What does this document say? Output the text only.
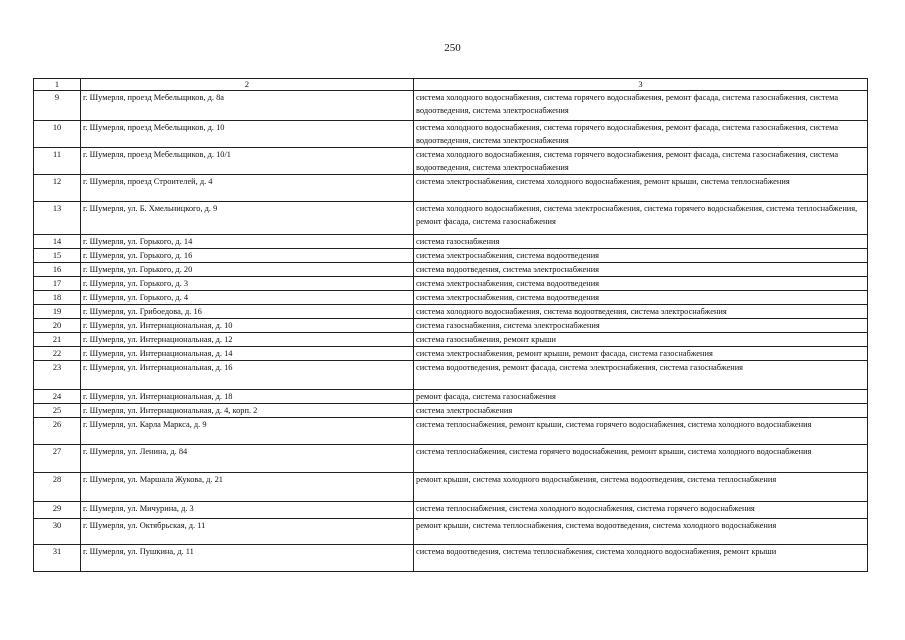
250
1	2	3
9	г. Шумерля, проезд Мебельщиков, д. 8а	система холодного водоснабжения, система горячего водоснабжения, ремонт фасада, система газоснабжения, система водоотведения, система электроснабжения
10	г. Шумерля, проезд Мебельщиков, д. 10	система холодного водоснабжения, система горячего водоснабжения, ремонт фасада, система газоснабжения, система водоотведения, система электроснабжения
11	г. Шумерля, проезд Мебельщиков, д. 10/1	система холодного водоснабжения, система горячего водоснабжения, ремонт фасада, система газоснабжения, система водоотведения, система электроснабжения
12	г. Шумерля, проезд Строителей, д. 4	система электроснабжения, система холодного водоснабжения, ремонт крыши, система теплоснабжения
13	г. Шумерля, ул. Б. Хмельницкого, д. 9	система холодного водоснабжения, система электроснабжения, система горячего водоснабжения, система теплоснабжения, ремонт фасада, система газоснабжения
14	г. Шумерля, ул. Горького, д. 14	система газоснабжения
15	г. Шумерля, ул. Горького, д. 16	система электроснабжения, система водоотведения
16	г. Шумерля, ул. Горького, д. 20	система водоотведения, система электроснабжения
17	г. Шумерля, ул. Горького, д. 3	система электроснабжения, система водоотведения
18	г. Шумерля, ул. Горького, д. 4	система электроснабжения, система водоотведения
19	г. Шумерля, ул. Грибоедова, д. 16	система холодного водоснабжения, система водоотведения, система электроснабжения
20	г. Шумерля, ул. Интернациональная, д. 10	система газоснабжения, система электроснабжения
21	г. Шумерля, ул. Интернациональная, д. 12	система газоснабжения, ремонт крыши
22	г. Шумерля, ул. Интернациональная, д. 14	система электроснабжения, ремонт крыши, ремонт фасада, система газоснабжения
23	г. Шумерля, ул. Интернациональная, д. 16	система водоотведения, ремонт фасада, система электроснабжения, система газоснабжения
24	г. Шумерля, ул. Интернациональная, д. 18	ремонт фасада, система газоснабжения
25	г. Шумерля, ул. Интернациональная, д. 4, корп. 2	система электроснабжения
26	г. Шумерля, ул. Карла Маркса, д. 9	система теплоснабжения, ремонт крыши, система горячего водоснабжения, система холодного водоснабжения
27	г. Шумерля, ул. Ленина, д. 84	система теплоснабжения, система горячего водоснабжения, ремонт крыши, система холодного водоснабжения
28	г. Шумерля, ул. Маршала Жукова, д. 21	ремонт крыши, система холодного водоснабжения, система водоотведения, система теплоснабжения
29	г. Шумерля, ул. Мичурина, д. 3	система теплоснабжения, система холодного водоснабжения, система горячего водоснабжения
30	г. Шумерля, ул. Октябрьская, д. 11	ремонт крыши, система теплоснабжения, система водоотведения, система холодного водоснабжения
31	г. Шумерля, ул. Пушкина, д. 11	система водоотведения, система теплоснабжения, система холодного водоснабжения, ремонт крыши
